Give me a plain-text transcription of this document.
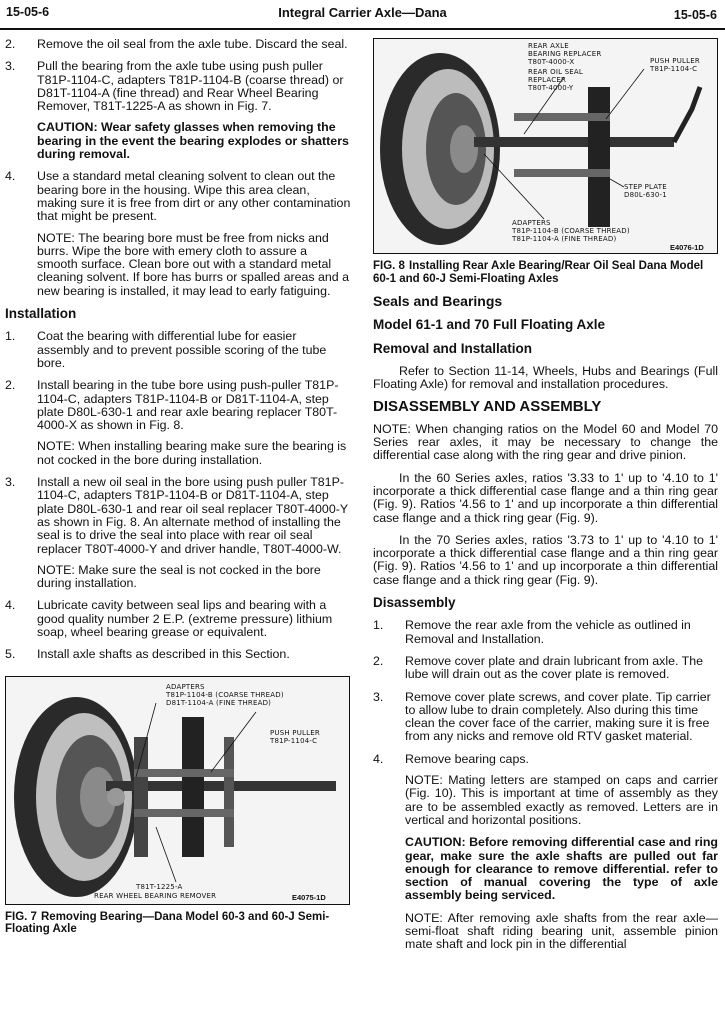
15-05-6	Integral Carrier Axle—Dana	15-05-6
2. Remove the oil seal from the axle tube. Discard the seal.
3. Pull the bearing from the axle tube using push puller T81P-1104-C, adapters T81P-1104-B (coarse thread) or D81T-1104-A (fine thread) and Rear Wheel Bearing Remover, T81T-1225-A as shown in Fig. 7.

CAUTION: Wear safety glasses when removing the bearing in the event the bearing explodes or shatters during removal.

4. Use a standard metal cleaning solvent to clean out the bearing bore in the housing. Wipe this area clean, making sure it is free from dirt or any other contamination that might be present.

NOTE: The bearing bore must be free from nicks and burrs. Wipe the bore with emery cloth to assure a smooth surface. Clean bore out with a standard metal cleaning solvent. If bore has burrs or spalled areas and a new bearing is installed, it may lead to early fatiguing.

Installation
1. Coat the bearing with differential lube for easier assembly and to prevent possible scoring of the tube bore.
2. Install bearing in the tube bore using push-puller T81P-1104-C, adapters T81P-1104-B or D81T-1104-A, step plate D80L-630-1 and rear axle bearing replacer T80T-4000-X as shown in Fig. 8.

NOTE: When installing bearing make sure the bearing is not cocked in the bore during installation.

3. Install a new oil seal in the bore using push puller T81P-1104-C, adapters T81P-1104-B or D81T-1104-A, step plate D80L-630-1 and rear oil seal replacer T80T-4000-Y as shown in Fig. 8. An alternate method of installing the seal is to drive the seal into place with rear oil seal replacer T80T-4000-Y and driver handle, T80T-4000-W.

NOTE: Make sure the seal is not cocked in the bore during installation.

4. Lubricate cavity between seal lips and bearing with a good quality number 2 E.P. (extreme pressure) lithium soap, wheel bearing grease or equivalent.
5. Install axle shafts as described in this Section.
ADAPTERS
T81P-1104-B (COARSE THREAD)
D81T-1104-A (FINE THREAD)
PUSH PULLER
T81P-1104-C
T81T-1225-A
REAR WHEEL BEARING REMOVER	E4075-1D
FIG. 7 Removing Bearing—Dana Model 60-3 and 60-J Semi-Floating Axle
REAR AXLE
BEARING REPLACER
T80T-4000-X
REAR OIL SEAL
REPLACER
T80T-4000-Y
PUSH PULLER
T81P-1104-C
STEP PLATE
D80L-630-1
ADAPTERS
T81P-1104-B (COARSE THREAD)
T81P-1104-A (FINE THREAD)
E4076-1D
FIG. 8 Installing Rear Axle Bearing/Rear Oil Seal Dana Model 60-1 and 60-J Semi-Floating Axles
Seals and Bearings
Model 61-1 and 70 Full Floating Axle
Removal and Installation

Refer to Section 11-14, Wheels, Hubs and Bearings (Full Floating Axle) for removal and installation procedures.

DISASSEMBLY AND ASSEMBLY

NOTE: When changing ratios on the Model 60 and Model 70 Series rear axles, it may be necessary to change the differential case along with the ring gear and drive pinion.

In the 60 Series axles, ratios '3.33 to 1' up to '4.10 to 1' incorporate a thick differential case flange and a thin ring gear (Fig. 9). Ratios '4.56 to 1' and up incorporate a thin differential case flange and a thick ring gear (Fig. 9).

In the 70 Series axles, ratios '3.73 to 1' up to '4.10 to 1' incorporate a thick differential case flange and a thin ring gear (Fig. 9). Ratios '4.56 to 1' and up incorporate a thin differential case flange and a thick ring gear (Fig. 9).

Disassembly
1. Remove the rear axle from the vehicle as outlined in Removal and Installation.
2. Remove cover plate and drain lubricant from axle. The lube will drain out as the cover plate is removed.
3. Remove cover plate screws, and cover plate. Tip carrier to allow lube to drain completely. Also during this time clean the cover face of the carrier, making sure it is free from any nicks and remove old RTV gasket material.
4. Remove bearing caps.

NOTE: Mating letters are stamped on caps and carrier (Fig. 10). This is important at time of assembly as they are to be assembled exactly as removed. Letters are in vertical and horizontal positions.

CAUTION: Before removing differential case and ring gear, make sure the axle shafts are pulled out far enough for clearance to remove differential. refer to section of manual covering the type of axle assembly being serviced.

NOTE: After removing axle shafts from the rear axle—semi-float shaft riding bearing unit, assemble pinion mate shaft and lock pin in the differential
